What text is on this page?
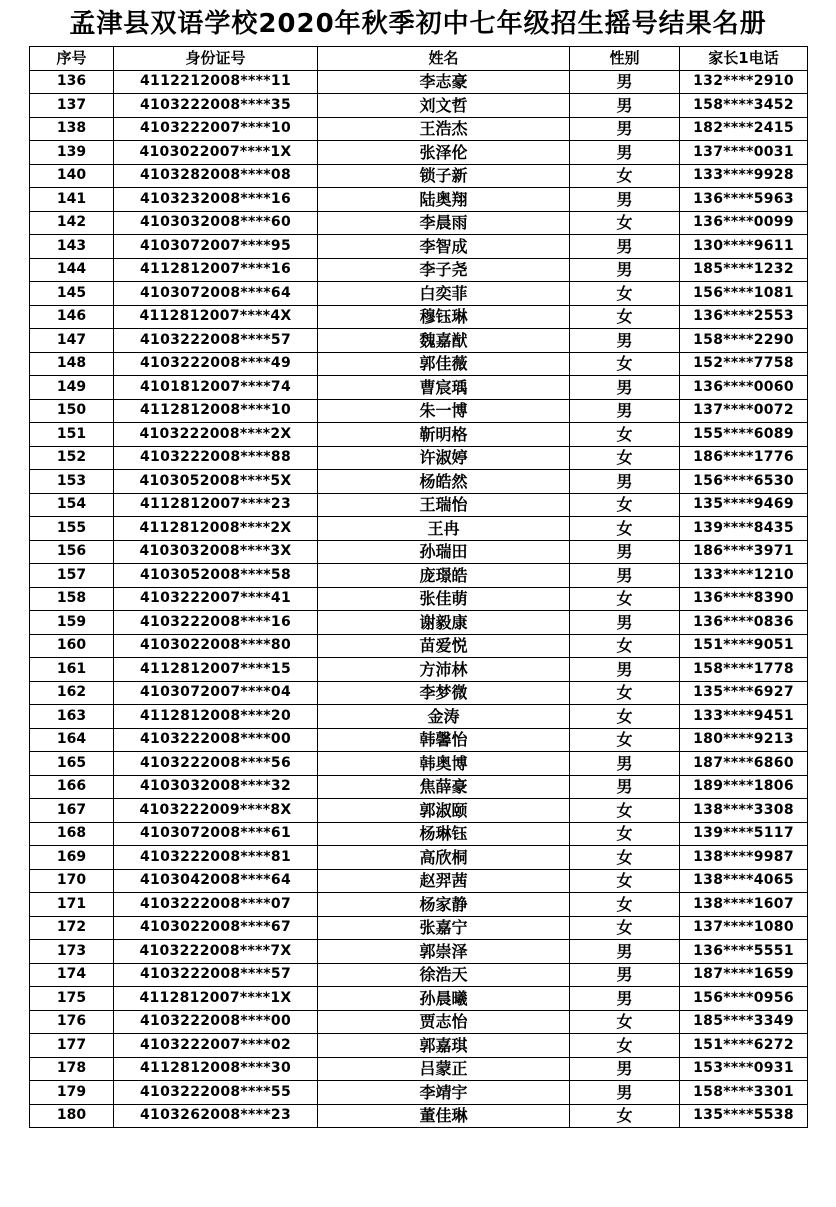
孟津县双语学校2020年秋季初中七年级招生摇号结果名册
序号	身份证号	姓名	性别	家长1电话
136	4112212008****11	李志豪	男	132****2910
137	4103222008****35	刘文哲	男	158****3452
138	4103222007****10	王浩杰	男	182****2415
139	4103022007****1X	张泽伦	男	137****0031
140	4103282008****08	锁子新	女	133****9928
141	4103232008****16	陆奥翔	男	136****5963
142	4103032008****60	李晨雨	女	136****0099
143	4103072007****95	李智成	男	130****9611
144	4112812007****16	李子尧	男	185****1232
145	4103072008****64	白奕菲	女	156****1081
146	4112812007****4X	穆钰琳	女	136****2553
147	4103222008****57	魏嘉猷	男	158****2290
148	4103222008****49	郭佳薇	女	152****7758
149	4101812007****74	曹宸瑀	男	136****0060
150	4112812008****10	朱一博	男	137****0072
151	4103222008****2X	靳明格	女	155****6089
152	4103222008****88	许淑婷	女	186****1776
153	4103052008****5X	杨皓然	男	156****6530
154	4112812007****23	王瑞怡	女	135****9469
155	4112812008****2X	王冉	女	139****8435
156	4103032008****3X	孙瑞田	男	186****3971
157	4103052008****58	庞璟皓	男	133****1210
158	4103222007****41	张佳萌	女	136****8390
159	4103222008****16	谢毅康	男	136****0836
160	4103022008****80	苗爱悦	女	151****9051
161	4112812007****15	方沛林	男	158****1778
162	4103072007****04	李梦微	女	135****6927
163	4112812008****20	金涛	女	133****9451
164	4103222008****00	韩馨怡	女	180****9213
165	4103222008****56	韩奥博	男	187****6860
166	4103032008****32	焦薛豪	男	189****1806
167	4103222009****8X	郭淑颐	女	138****3308
168	4103072008****61	杨琳钰	女	139****5117
169	4103222008****81	高欣桐	女	138****9987
170	4103042008****64	赵羿茜	女	138****4065
171	4103222008****07	杨家静	女	138****1607
172	4103022008****67	张嘉宁	女	137****1080
173	4103222008****7X	郭崇泽	男	136****5551
174	4103222008****57	徐浩天	男	187****1659
175	4112812007****1X	孙晨曦	男	156****0956
176	4103222008****00	贾志怡	女	185****3349
177	4103222007****02	郭嘉琪	女	151****6272
178	4112812008****30	吕蒙正	男	153****0931
179	4103222008****55	李靖宇	男	158****3301
180	4103262008****23	董佳琳	女	135****5538
